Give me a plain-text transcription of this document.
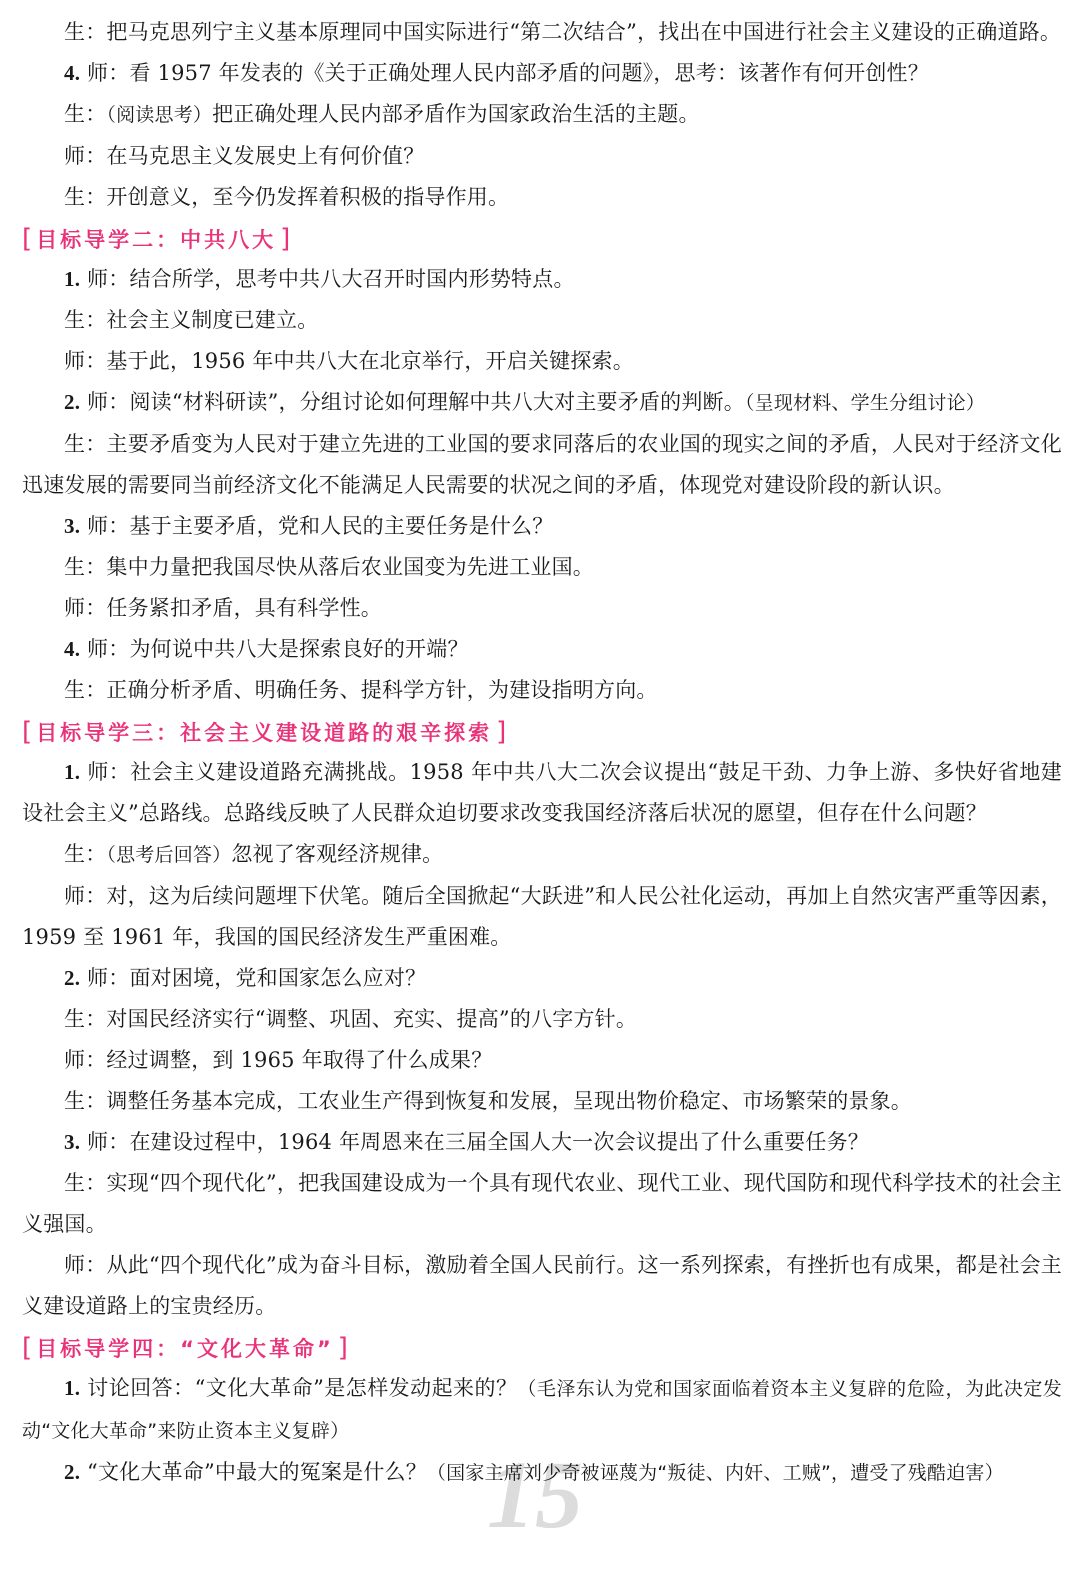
15

生：把马克思列宁主义基本原理同中国实际进行“第二次结合”，找出在中国进行社会主义建设的正确道路。

4. 师：看 1957 年发表的《关于正确处理人民内部矛盾的问题》，思考：该著作有何开创性？

生：（阅读思考）把正确处理人民内部矛盾作为国家政治生活的主题。

师：在马克思主义发展史上有何价值？

生：开创意义，至今仍发挥着积极的指导作用。

[ 目标导学二：中共八大 ]

1. 师：结合所学，思考中共八大召开时国内形势特点。

生：社会主义制度已建立。

师：基于此，1956 年中共八大在北京举行，开启关键探索。

2. 师：阅读“材料研读”，分组讨论如何理解中共八大对主要矛盾的判断。（呈现材料、学生分组讨论）

生：主要矛盾变为人民对于建立先进的工业国的要求同落后的农业国的现实之间的矛盾，人民对于经济文化迅速发展的需要同当前经济文化不能满足人民需要的状况之间的矛盾，体现党对建设阶段的新认识。

3. 师：基于主要矛盾，党和人民的主要任务是什么？

生：集中力量把我国尽快从落后农业国变为先进工业国。

师：任务紧扣矛盾，具有科学性。

4. 师：为何说中共八大是探索良好的开端？

生：正确分析矛盾、明确任务、提科学方针，为建设指明方向。

[ 目标导学三：社会主义建设道路的艰辛探索 ]

1. 师：社会主义建设道路充满挑战。1958 年中共八大二次会议提出“鼓足干劲、力争上游、多快好省地建设社会主义”总路线。总路线反映了人民群众迫切要求改变我国经济落后状况的愿望，但存在什么问题？

生：（思考后回答）忽视了客观经济规律。

师：对，这为后续问题埋下伏笔。随后全国掀起“大跃进”和人民公社化运动，再加上自然灾害严重等因素，1959 至 1961 年，我国的国民经济发生严重困难。

2. 师：面对困境，党和国家怎么应对？

生：对国民经济实行“调整、巩固、充实、提高”的八字方针。

师：经过调整，到 1965 年取得了什么成果？

生：调整任务基本完成，工农业生产得到恢复和发展，呈现出物价稳定、市场繁荣的景象。

3. 师：在建设过程中，1964 年周恩来在三届全国人大一次会议提出了什么重要任务？

生：实现“四个现代化”，把我国建设成为一个具有现代农业、现代工业、现代国防和现代科学技术的社会主义强国。

师：从此“四个现代化”成为奋斗目标，激励着全国人民前行。这一系列探索，有挫折也有成果，都是社会主义建设道路上的宝贵经历。

[ 目标导学四：“文化大革命” ]

1. 讨论回答：“文化大革命”是怎样发动起来的？（毛泽东认为党和国家面临着资本主义复辟的危险，为此决定发动“文化大革命”来防止资本主义复辟）

2. “文化大革命”中最大的冤案是什么？（国家主席刘少奇被诬蔑为“叛徒、内奸、工贼”，遭受了残酷迫害）
